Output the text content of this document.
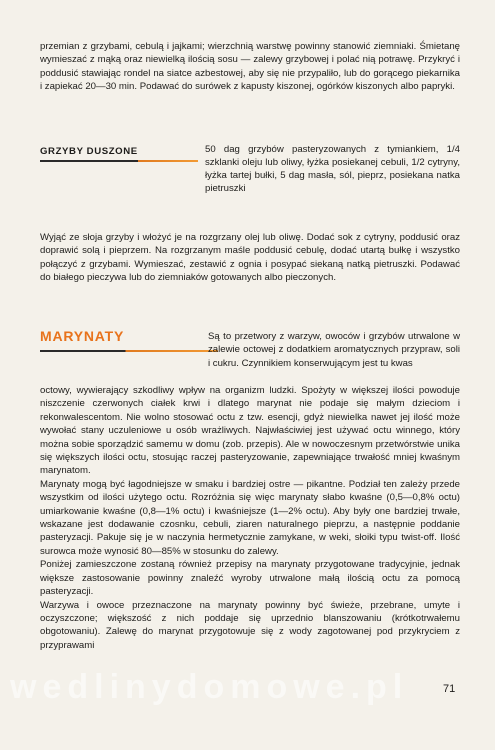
przemian z grzybami, cebulą i jajkami; wierzchnią warstwę powinny stanowić ziemniaki. Śmietanę wymieszać z mąką oraz niewielką ilością sosu — zalewy grzybowej i polać nią potrawę. Przykryć i poddusić stawiając rondel na siatce azbestowej, aby się nie przypaliło, lub do gorącego piekarnika i zapiekać 20—30 min. Podawać do surówek z kapusty kiszonej, ogórków kiszonych albo papryki.

GRZYBY DUSZONE	50 dag grzybów pasteryzowanych z tymiankiem, 1/4 szklanki oleju lub oliwy, łyżka posiekanej cebuli, 1/2 cytryny, łyżka tartej bułki, 5 dag masła, sól, pieprz, posiekana natka pietruszki

Wyjąć ze słoja grzyby i włożyć je na rozgrzany olej lub oliwę. Dodać sok z cytryny, poddusić oraz doprawić solą i pieprzem. Na rozgrzanym maśle poddusić cebulę, dodać utartą bułkę i wszystko połączyć z grzybami. Wymieszać, zestawić z ognia i posypać siekaną natką pietruszki. Podawać do białego pieczywa lub do ziemniaków gotowanych albo pieczonych.

MARYNATY	Są to przetwory z warzyw, owoców i grzybów utrwalone w zalewie octowej z dodatkiem aromatycznych przypraw, soli i cukru. Czynnikiem konserwującym jest tu kwas

octowy, wywierający szkodliwy wpływ na organizm ludzki. Spożyty w większej ilości powoduje niszczenie czerwonych ciałek krwi i dlatego marynat nie podaje się małym dzieciom i rekonwalescentom. Nie wolno stosować octu z tzw. esencji, gdyż niewielka nawet jej ilość może wywołać stany uczuleniowe u osób wrażliwych. Najwłaściwiej jest używać octu winnego, który można sobie sporządzić samemu w domu (zob. przepis). Ale w nowoczesnym przetwórstwie unika się większych ilości octu, stosując raczej pasteryzowanie, zapewniające trwałość mniej kwaśnym marynatom.

Marynaty mogą być łagodniejsze w smaku i bardziej ostre — pikantne. Podział ten zależy przede wszystkim od ilości użytego octu. Rozróżnia się więc marynaty słabo kwaśne (0,5—0,8% octu) umiarkowanie kwaśne (0,8—1% octu) i kwaśniejsze (1—2% octu). Aby były one bardziej trwałe, wskazane jest dodawanie czosnku, cebuli, ziaren naturalnego pieprzu, a następnie poddanie pasteryzacji. Pakuje się je w naczynia hermetycznie zamykane, w weki, słoiki typu twist-off. Ilość surowca może wynosić 80—85% w stosunku do zalewy.

Poniżej zamieszczone zostaną również przepisy na marynaty przygotowane tradycyjnie, jednak większe zastosowanie powinny znaleźć wyroby utrwalone małą ilością octu za pomocą pasteryzacji.

Warzywa i owoce przeznaczone na marynaty powinny być świeże, przebrane, umyte i oczyszczone; większość z nich poddaje się uprzednio blanszowaniu (krótkotrwałemu obgotowaniu). Zalewę do marynat przygotowuje się z wody zagotowanej pod przykryciem z przyprawami

wedlinydomowe.pl	71
